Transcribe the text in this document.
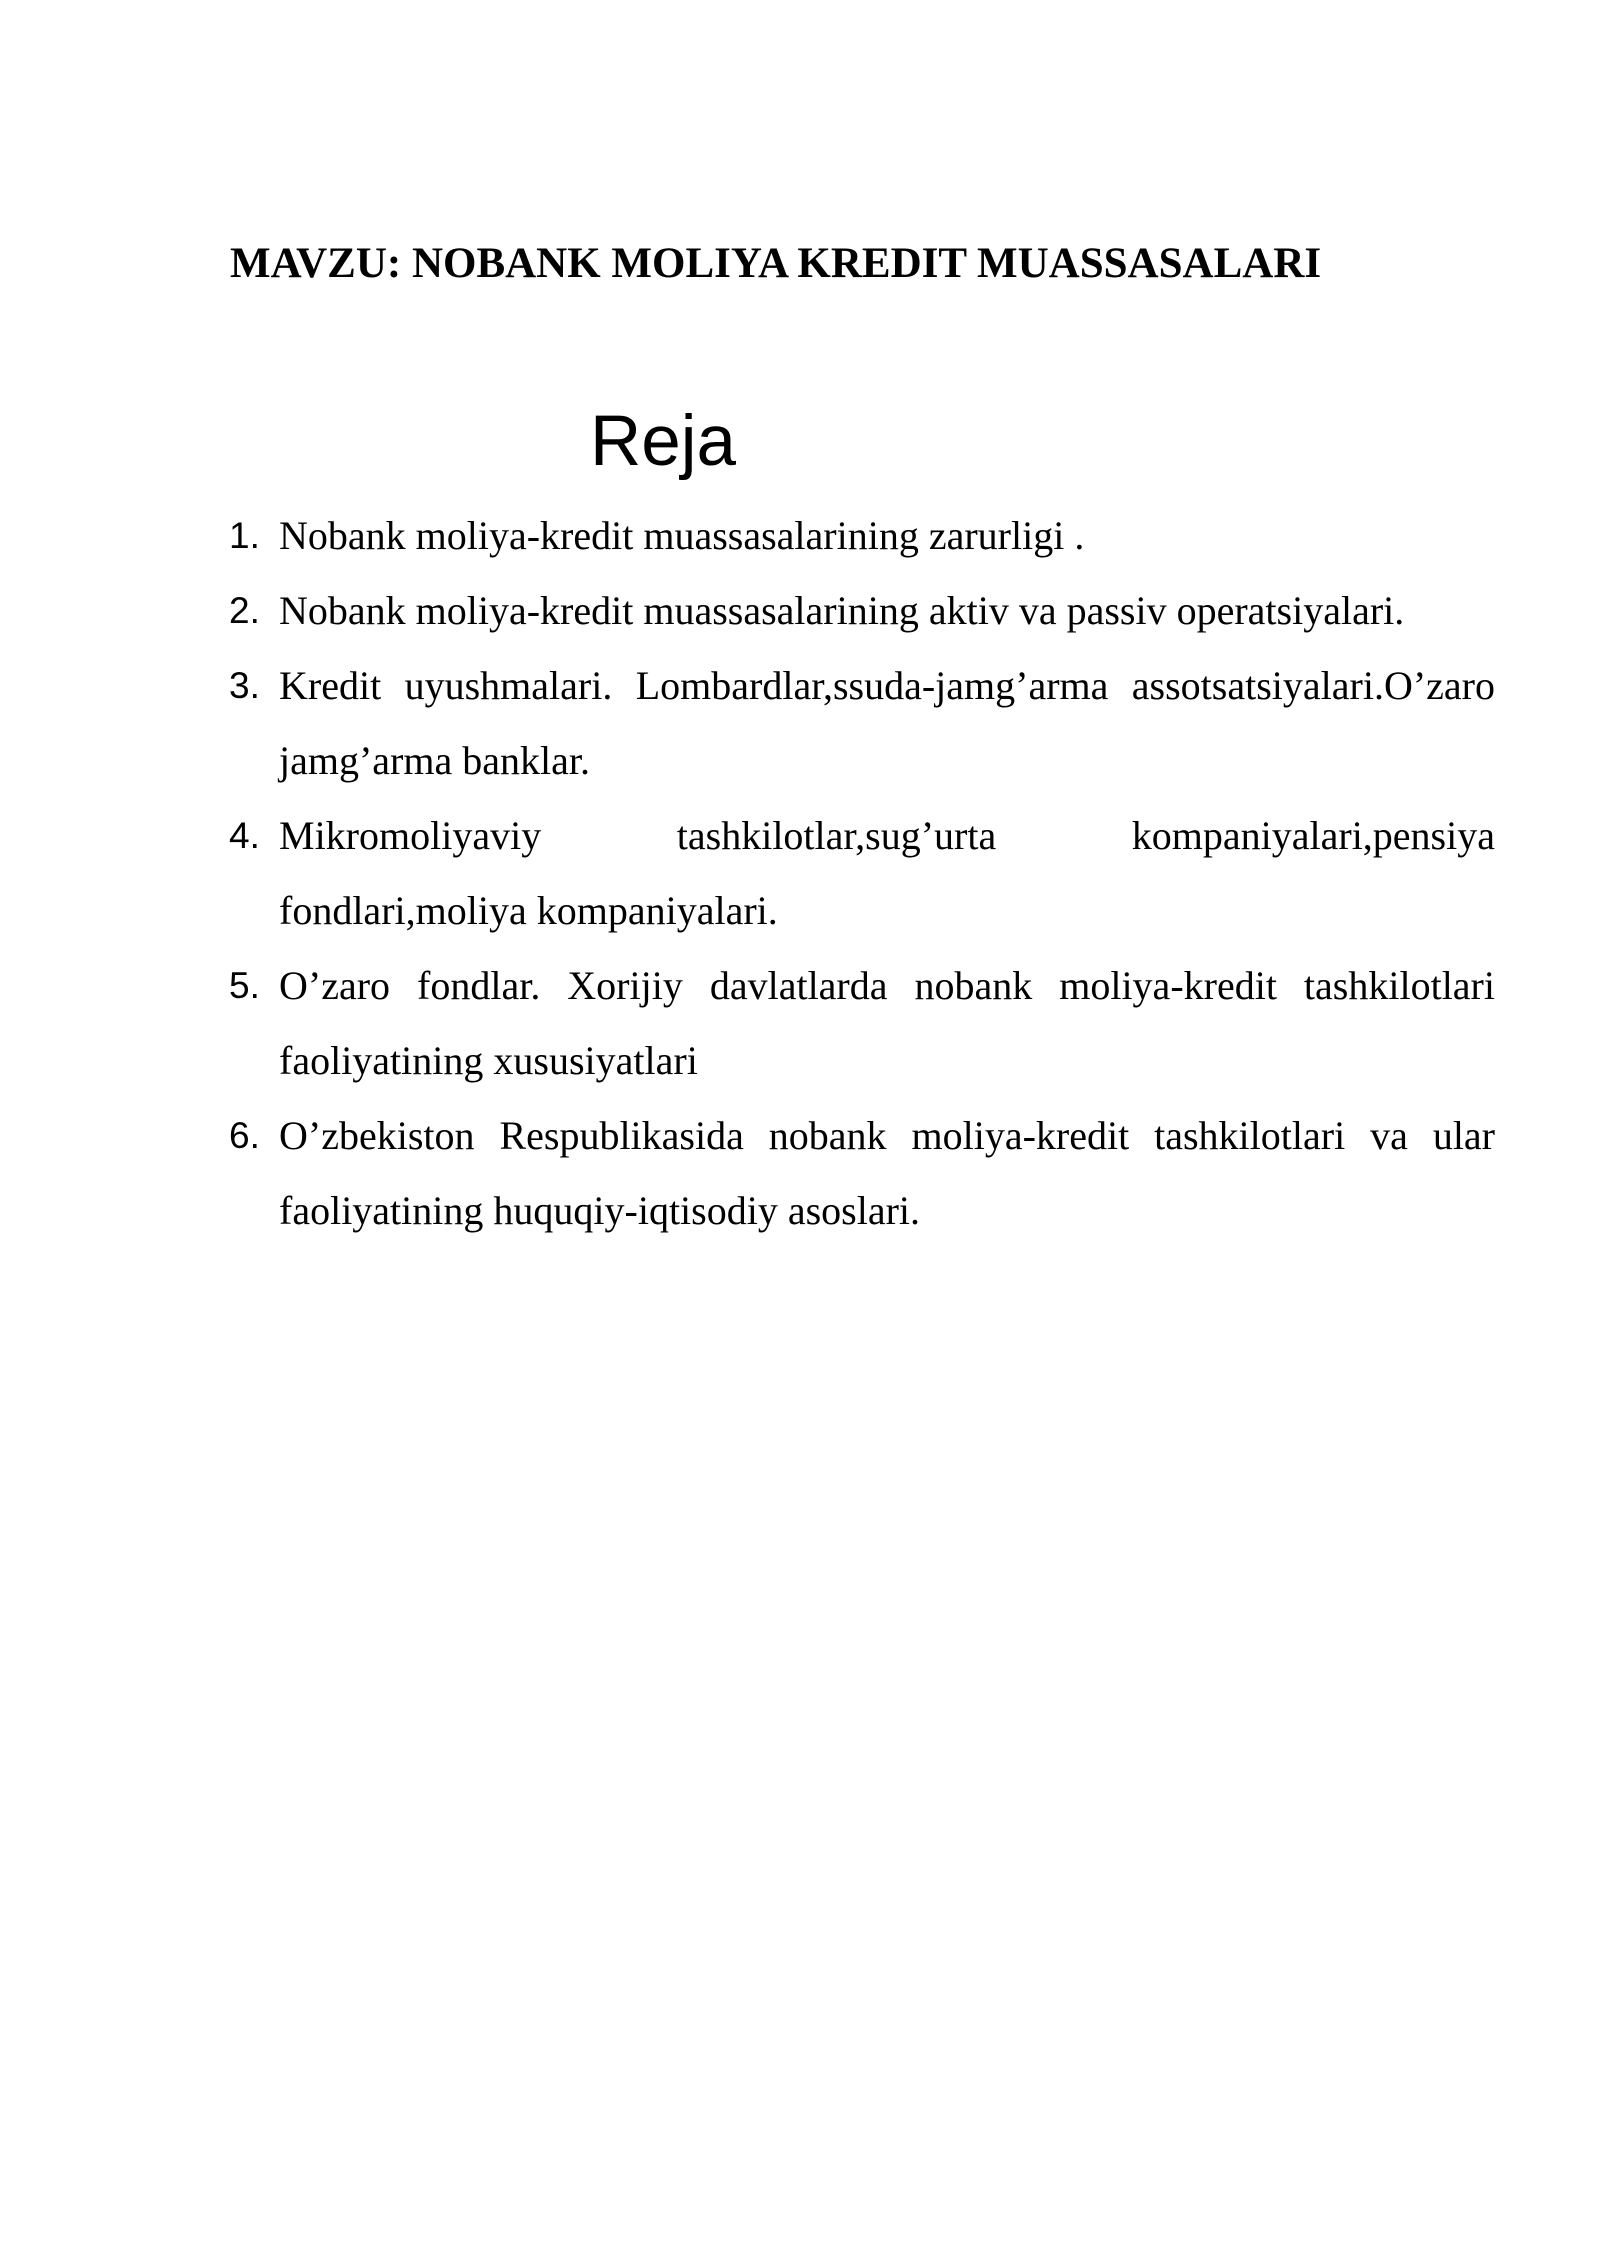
MAVZU: NOBANK MOLIYA KREDIT MUASSASALARI
Reja
1. Nobank moliya-kredit muassasalarining zarurligi .
2. Nobank moliya-kredit muassasalarining aktiv va passiv operatsiyalari.
3. Kredit uyushmalari. Lombardlar,ssuda-jamg’arma assotsatsiyalari.O’zaro jamg’arma banklar.
4. Mikromoliyaviy tashkilotlar,sug’urta kompaniyalari,pensiya fondlari,moliya kompaniyalari.
5. O’zaro fondlar. Xorijiy davlatlarda nobank moliya-kredit tashkilotlari faoliyatining xususiyatlari
6. O’zbekiston Respublikasida nobank moliya-kredit tashkilotlari va ular faoliyatining huquqiy-iqtisodiy asoslari.
